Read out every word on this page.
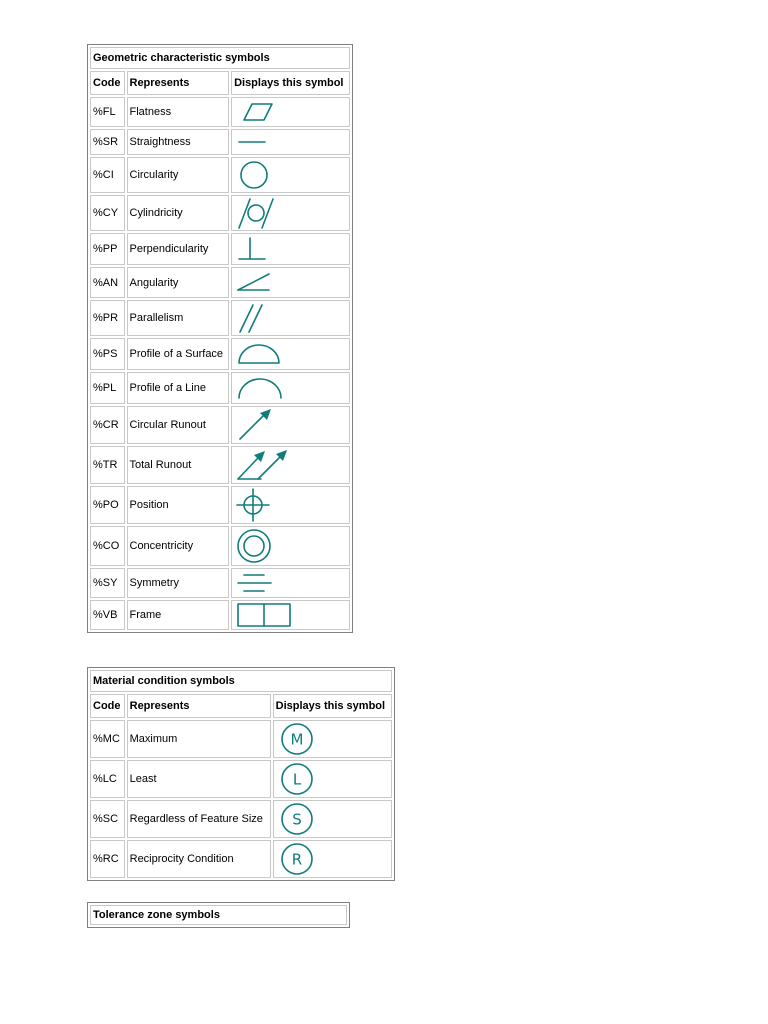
Geometric characteristic symbols		
Code	Represents	Displays this symbol
%FL	Flatness	

%SR	Straightness	

%CI	Circularity	

%CY	Cylindricity	

%PP	Perpendicularity	

%AN	Angularity	

%PR	Parallelism	

%PS	Profile of a Surface	

%PL	Profile of a Line	

%CR	Circular Runout	

%TR	Total Runout	

%PO	Position	

%CO	Concentricity	

%SY	Symmetry	

%VB	Frame	
Material condition symbols		
Code	Represents	Displays this symbol
%MC	Maximum	M

%LC	Least	L

%SC	Regardless of Feature Size	S

%RC	Reciprocity Condition	R
Tolerance zone symbols
